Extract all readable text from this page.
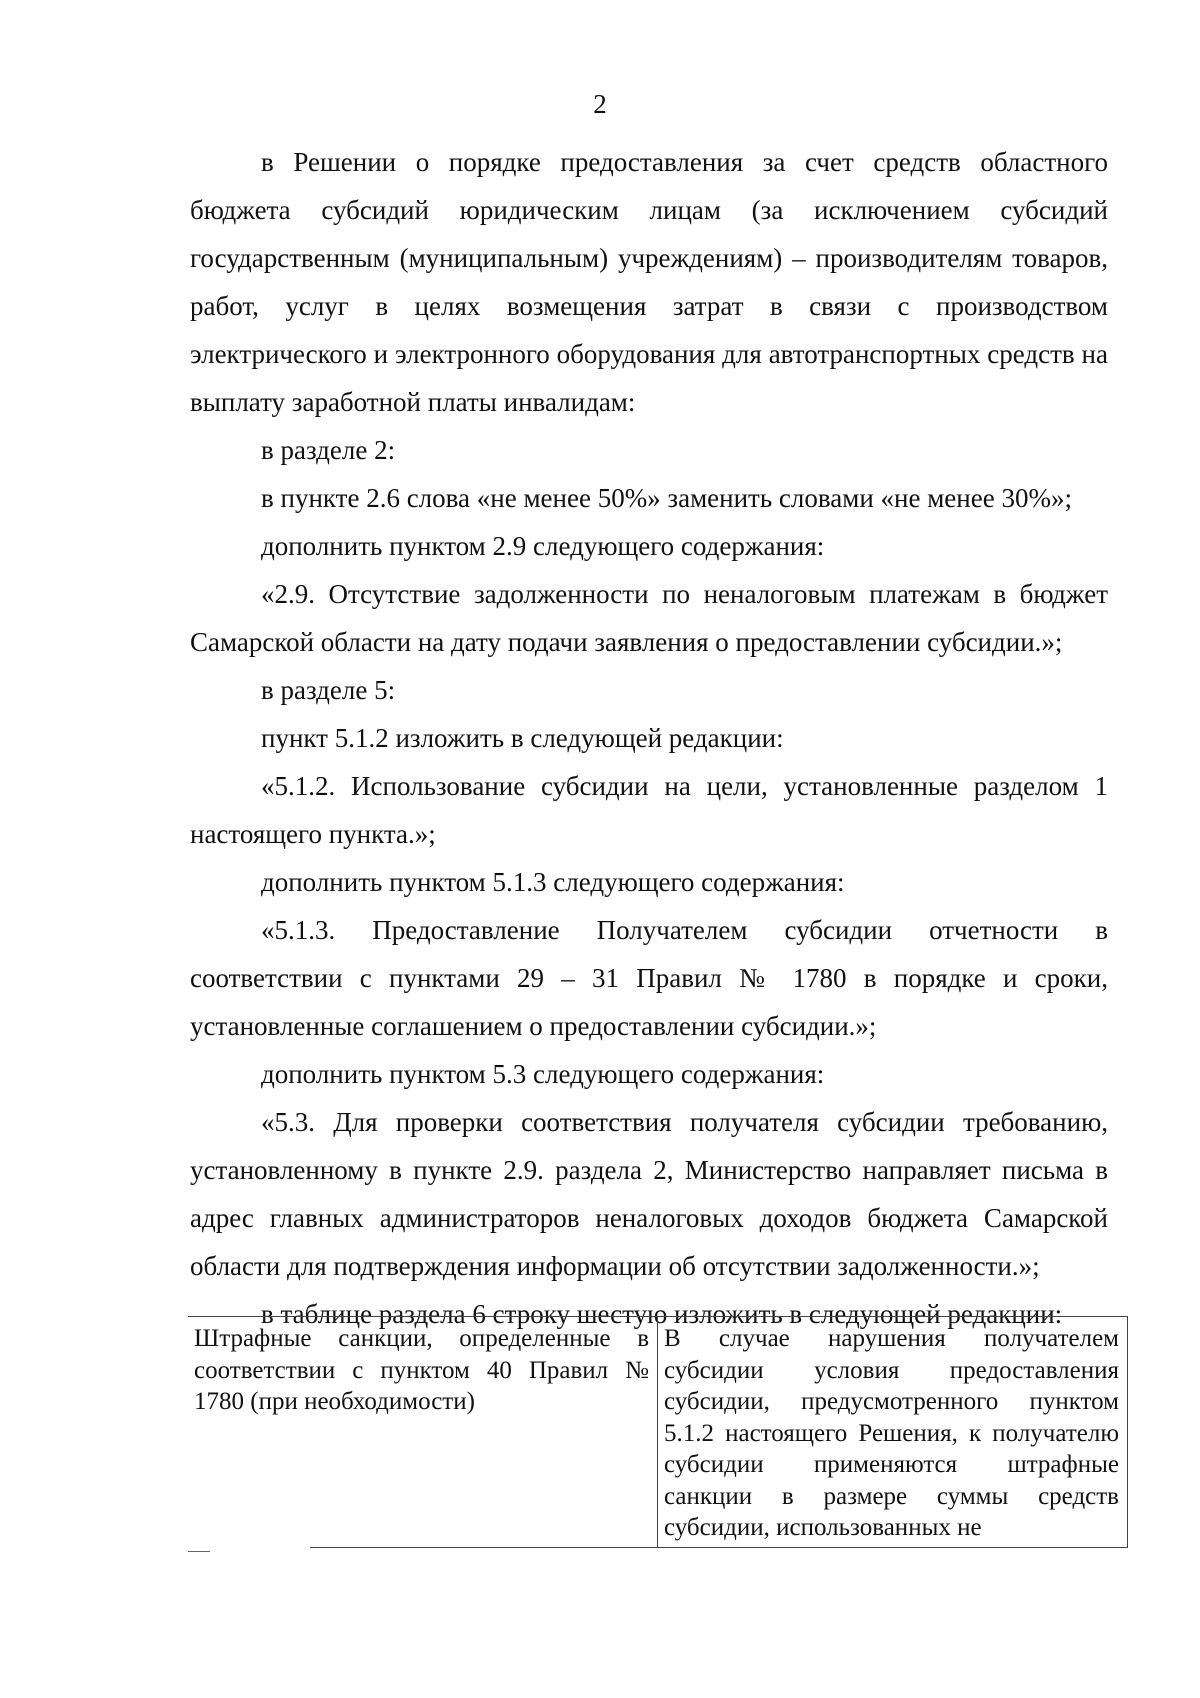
2

в Решении о порядке предоставления за счет средств областного бюджета субсидий юридическим лицам (за исключением субсидий государственным (муниципальным) учреждениям) – производителям товаров, работ, услуг в целях возмещения затрат в связи с производством электрического и электронного оборудования для автотранспортных средств на выплату заработной платы инвалидам:

в разделе 2:

в пункте 2.6 слова «не менее 50%» заменить словами «не менее 30%»;

дополнить пунктом 2.9 следующего содержания:

«2.9. Отсутствие задолженности по неналоговым платежам в бюджет Самарской области на дату подачи заявления о предоставлении субсидии.»;

в разделе 5:

пункт 5.1.2 изложить в следующей редакции:

«5.1.2. Использование субсидии на цели, установленные разделом 1 настоящего пункта.»;

дополнить пунктом 5.1.3 следующего содержания:

«5.1.3. Предоставление Получателем субсидии отчетности в соответствии с пунктами 29 – 31 Правил № 1780 в порядке и сроки, установленные соглашением о предоставлении субсидии.»;

дополнить пунктом 5.3 следующего содержания:

«5.3. Для проверки соответствия получателя субсидии требованию, установленному в пункте 2.9. раздела 2, Министерство направляет письма в адрес главных администраторов неналоговых доходов бюджета Самарской области для подтверждения информации об отсутствии задолженности.»;

в таблице раздела 6 строку шестую изложить в следующей редакции:

Штрафные санкции, определенные в соответствии с пунктом 40 Правил № 1780 (при необходимости)	В случае нарушения получателем субсидии условия предоставления субсидии, предусмотренного пунктом 5.1.2 настоящего Решения, к получателю субсидии применяются штрафные санкции в размере суммы средств субсидии, использованных не
